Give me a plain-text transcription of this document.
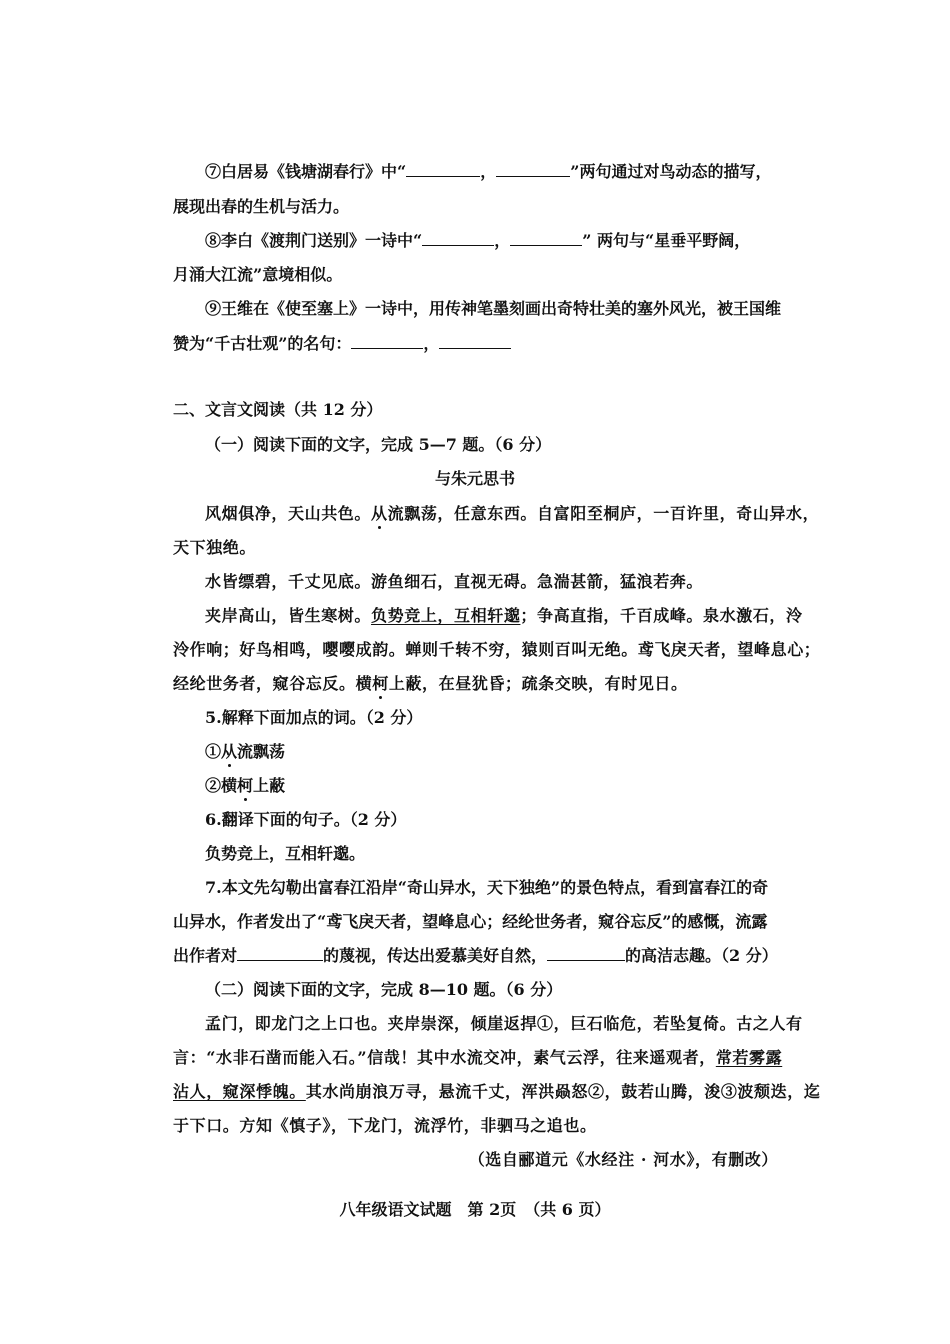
⑦白居易《钱塘湖春行》中“	，	”两句通过对鸟动态的描写，
展现出春的生机与活力。
⑧李白《渡荆门送别》一诗中“	，	” 两句与“星垂平野阔，
月涌大江流”意境相似。
⑨王维在《使至塞上》一诗中，用传神笔墨刻画出奇特壮美的塞外风光，被王国维
赞为“千古壮观”的名句：	，
二、文言文阅读（共 12 分）
（一）阅读下面的文字，完成 5—7 题。（6 分）
与朱元思书
风烟俱净，天山共色。从流飘荡，任意东西。自富阳至桐庐，一百许里，奇山异水，
天下独绝。
水皆缥碧，千丈见底。游鱼细石，直视无碍。急湍甚箭，猛浪若奔。
夹岸高山，皆生寒树。负势竞上，互相轩邈；争高直指，千百成峰。泉水激石，泠
泠作响；好鸟相鸣，嘤嘤成韵。蝉则千转不穷，猿则百叫无绝。鸢飞戾天者，望峰息心；
经纶世务者，窥谷忘反。横柯上蔽，在昼犹昏；疏条交映，有时见日。
5.解释下面加点的词。（2 分）
①从流飘荡
②横柯上蔽
6.翻译下面的句子。（2 分）
负势竞上，互相轩邈。
7.本文先勾勒出富春江沿岸“奇山异水，天下独绝”的景色特点，看到富春江的奇
山异水，作者发出了“鸢飞戾天者，望峰息心；经纶世务者，窥谷忘反”的感慨，流露
出作者对	的蔑视，传达出爱慕美好自然，	的高洁志趣。（2 分）
（二）阅读下面的文字，完成 8—10 题。（6 分）
孟门，即龙门之上口也。夹岸崇深，倾崖返捍①，巨石临危，若坠复倚。古之人有
言：“水非石凿而能入石。”信哉！其中水流交冲，素气云浮，往来遥观者，常若雾露
沾人，窥深悸魄。其水尚崩浪万寻，悬流千丈，浑洪赑怒②，鼓若山腾，浚③波颓迭，迄
于下口。方知《慎子》，下龙门，流浮竹，非驷马之追也。
（选自郦道元《水经注 · 河水》，有删改）
八年级语文试题　第 2页　（共 6 页）
